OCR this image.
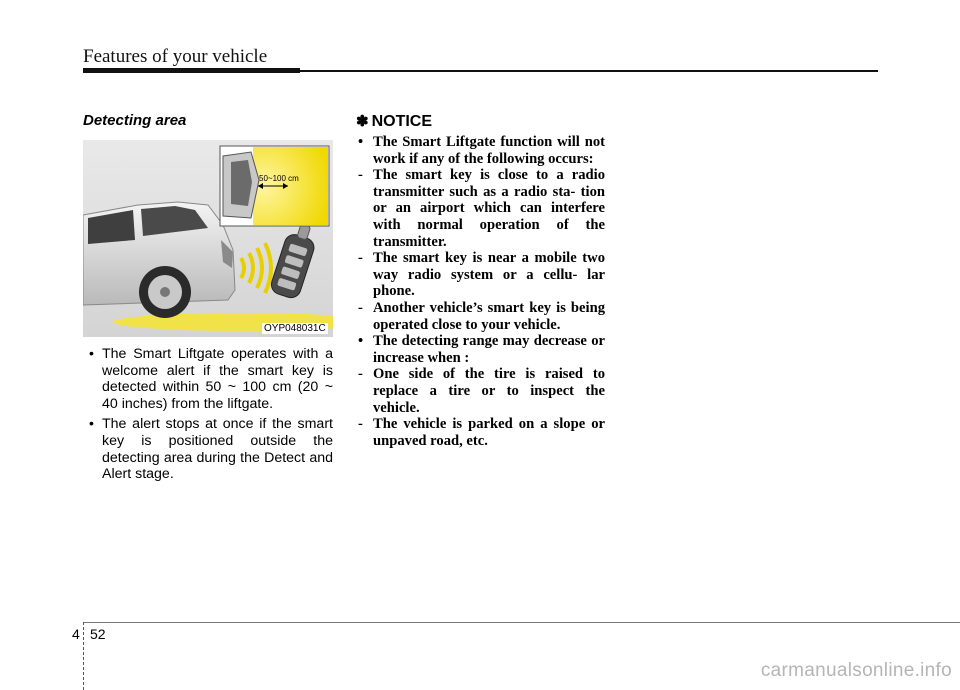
Features of your vehicle
Detecting area
50~100 cm
OYP048031C
• The Smart Liftgate operates with a welcome alert if the smart key is detected within 50 ~ 100 cm (20 ~ 40 inches) from the liftgate.
• The alert stops at once if the smart key is positioned outside the detecting area during the Detect and Alert stage.
✽ NOTICE
• The Smart Liftgate function will not work if any of the following occurs:
- The smart key is close to a radio transmitter such as a radio sta- tion or an airport which can interfere with normal operation of the transmitter.
- The smart key is near a mobile two way radio system or a cellu- lar phone.
- Another vehicle’s smart key is being operated close to your vehicle.
• The detecting range may decrease or increase when :
- One side of the tire is raised to replace a tire or to inspect the vehicle.
- The vehicle is parked on a slope or unpaved road, etc.
4 52
carmanualsonline.info
